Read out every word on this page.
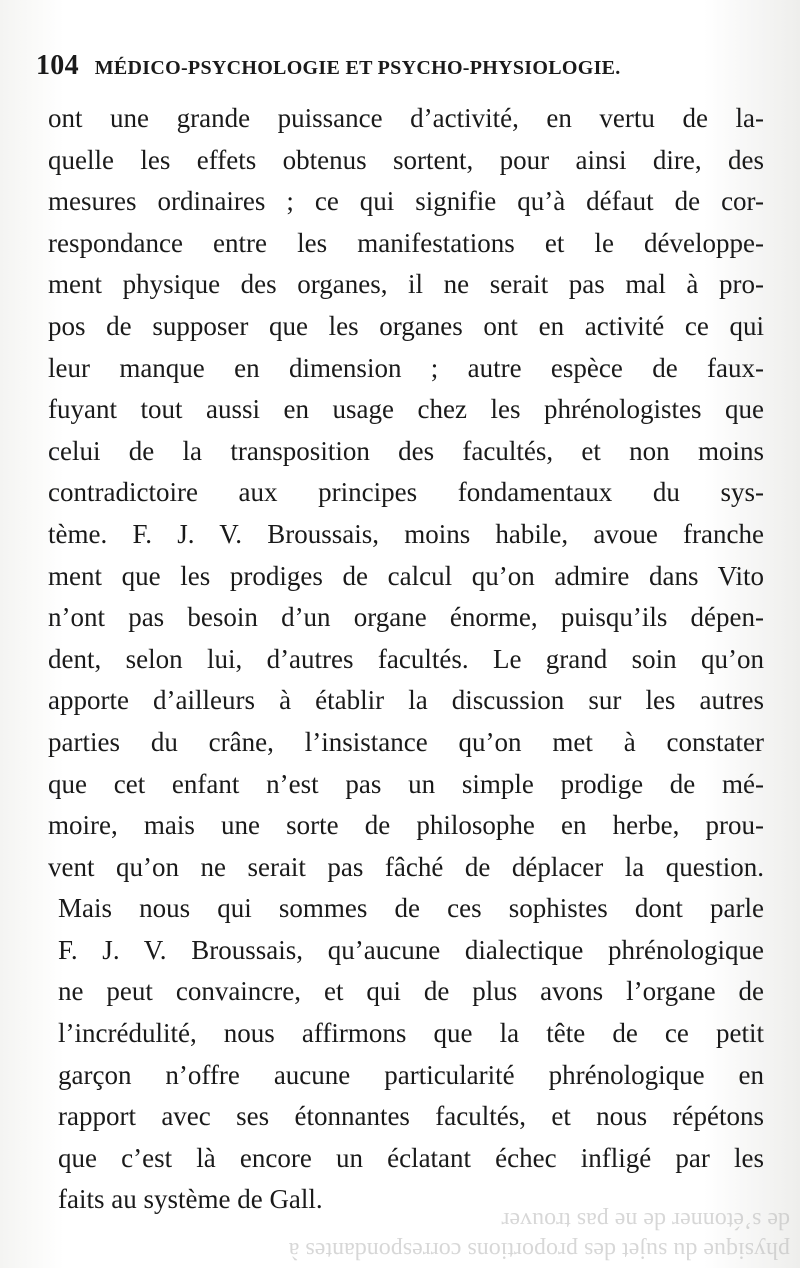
104 MÉDICO-PSYCHOLOGIE ET PSYCHO-PHYSIOLOGIE.
ont une grande puissance d’activité, en vertu de la-
quelle les effets obtenus sortent, pour ainsi dire, des
mesures ordinaires ; ce qui signifie qu’à défaut de cor-
respondance entre les manifestations et le développe-
ment physique des organes, il ne serait pas mal à pro-
pos de supposer que les organes ont en activité ce qui
leur manque en dimension ; autre espèce de faux-
fuyant tout aussi en usage chez les phrénologistes que
celui de la transposition des facultés, et non moins
contradictoire aux principes fondamentaux du sys-
tème. F. J. V. Broussais, moins habile, avoue franche
ment que les prodiges de calcul qu’on admire dans Vito
n’ont pas besoin d’un organe énorme, puisqu’ils dépen-
dent, selon lui, d’autres facultés. Le grand soin qu’on
apporte d’ailleurs à établir la discussion sur les autres
parties du crâne, l’insistance qu’on met à constater
que cet enfant n’est pas un simple prodige de mé-
moire, mais une sorte de philosophe en herbe, prou-
vent qu’on ne serait pas fâché de déplacer la question.
Mais nous qui sommes de ces sophistes dont parle
F. J. V. Broussais, qu’aucune dialectique phrénologique
ne peut convaincre, et qui de plus avons l’organe de
l’incrédulité, nous affirmons que la tête de ce petit
garçon n’offre aucune particularité phrénologique en
rapport avec ses étonnantes facultés, et nous répétons
que c’est là encore un éclatant échec infligé par les
faits au système de Gall.
physique du sujet des proportions correspondantes à
de s’étonner de ne pas trouver
